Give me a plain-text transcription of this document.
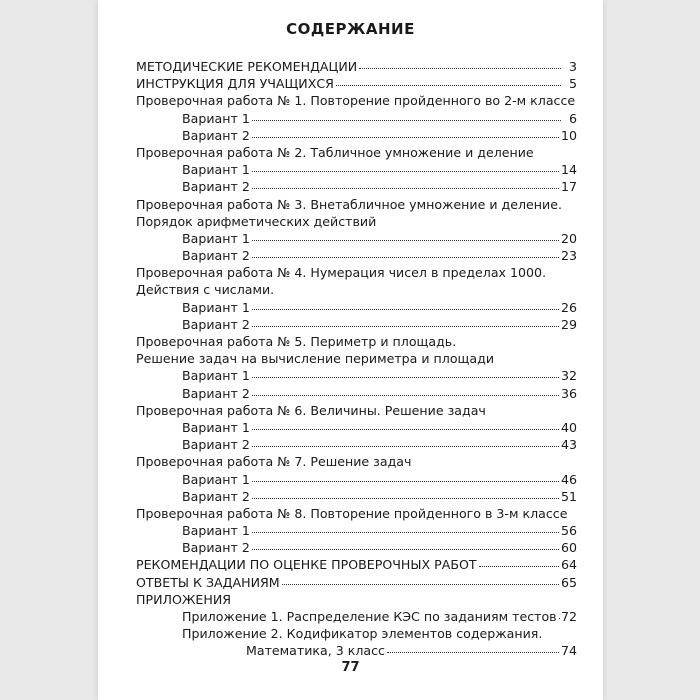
СОДЕРЖАНИЕ
МЕТОДИЧЕСКИЕ РЕКОМЕНДАЦИИ	3
ИНСТРУКЦИЯ ДЛЯ УЧАЩИХСЯ	5
Проверочная работа № 1. Повторение пройденного во 2-м классе
Вариант 1	6
Вариант 2	10
Проверочная работа № 2. Табличное умножение и деление
Вариант 1	14
Вариант 2	17
Проверочная работа № 3. Внетабличное умножение и деление.
Порядок арифметических действий
Вариант 1	20
Вариант 2	23
Проверочная работа № 4. Нумерация чисел в пределах 1000.
Действия с числами.
Вариант 1	26
Вариант 2	29
Проверочная работа № 5. Периметр и площадь.
Решение задач на вычисление периметра и площади
Вариант 1	32
Вариант 2	36
Проверочная работа № 6. Величины. Решение задач
Вариант 1	40
Вариант 2	43
Проверочная работа № 7. Решение задач
Вариант 1	46
Вариант 2	51
Проверочная работа № 8. Повторение пройденного в 3-м классе
Вариант 1	56
Вариант 2	60
РЕКОМЕНДАЦИИ ПО ОЦЕНКЕ ПРОВЕРОЧНЫХ РАБОТ	64
ОТВЕТЫ К ЗАДАНИЯМ	65
ПРИЛОЖЕНИЯ
Приложение 1. Распределение КЭС по заданиям тестов 72
Приложение 2. Кодификатор элементов содержания.
Математика, 3 класс	74
77
